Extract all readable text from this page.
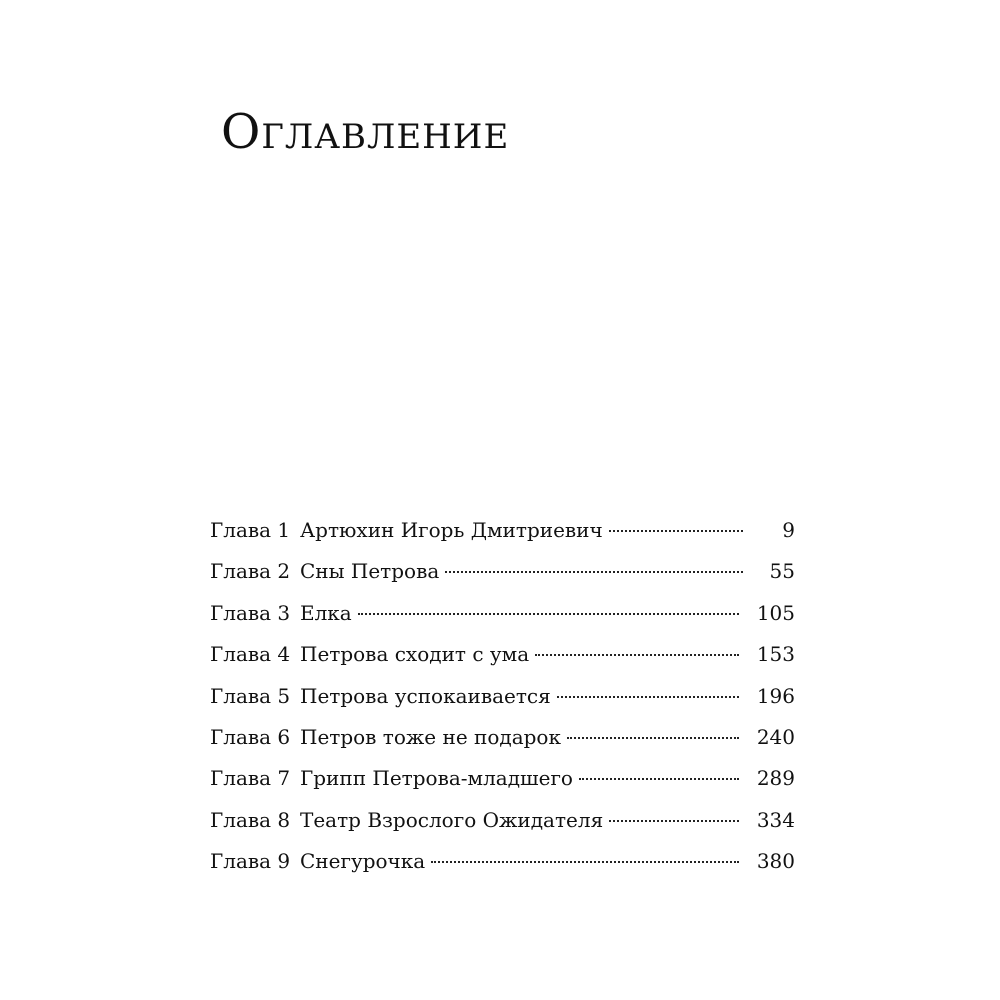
Оглавление
Глава 1 Артюхин Игорь Дмитриевич	9
Глава 2 Сны Петрова	55
Глава 3 Елка	105
Глава 4 Петрова сходит с ума	153
Глава 5 Петрова успокаивается	196
Глава 6 Петров тоже не подарок	240
Глава 7 Грипп Петрова-младшего	289
Глава 8 Театр Взрослого Ожидателя	334
Глава 9 Снегурочка	380
